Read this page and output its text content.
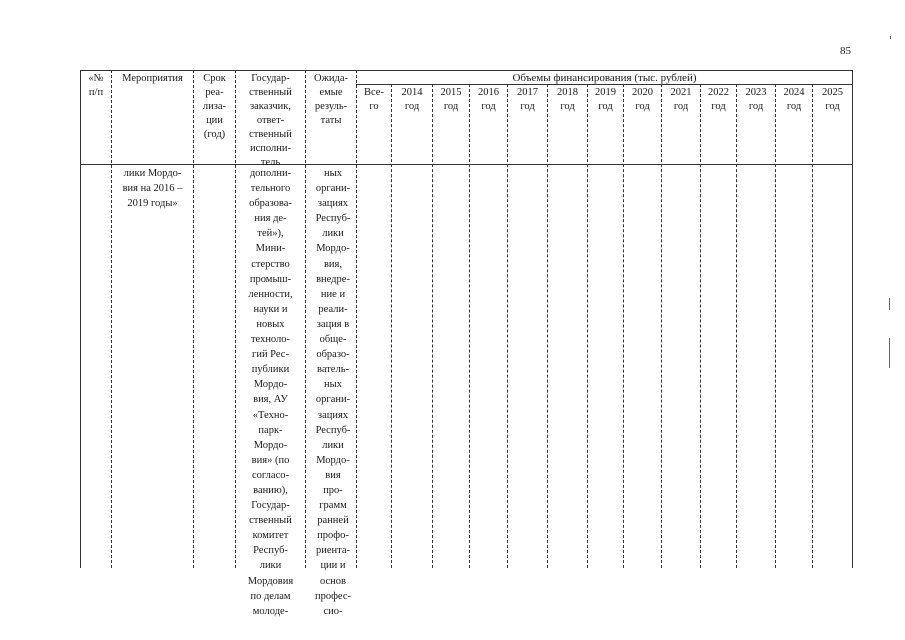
85
«№
п/п
Мероприятия	Срок
реа-
лиза-
ции
(год)
Государ-
ственный
заказчик,
ответ-
ственный
исполни-
тель
Ожида-
емые
резуль-
таты
Объемы финансирования (тыс. рублей)
Все-
го
2014
год
2015
год
2016
год
2017
год
2018
год
2019
год
2020
год
2021
год
2022
год
2023
год
2024
год
2025
год
лики Мордо-
вия на 2016 –
2019 годы»
дополни-
тельного
образова-
ния де-
тей»),
Мини-
стерство
промыш-
ленности,
науки и
новых
техноло-
гий Рес-
публики
Мордо-
вия, АУ
«Техно-
парк-
Мордо-
вия» (по
согласо-
ванию),
Государ-
ственный
комитет
Респуб-
лики
Мордовия
по делам
молоде-
ных
органи-
зациях
Респуб-
лики
Мордо-
вия,
внедре-
ние и
реали-
зация в
обще-
образо-
ватель-
ных
органи-
зациях
Респуб-
лики
Мордо-
вия
про-
грамм
ранней
профо-
риента-
ции и
основ
профес-
сио-
